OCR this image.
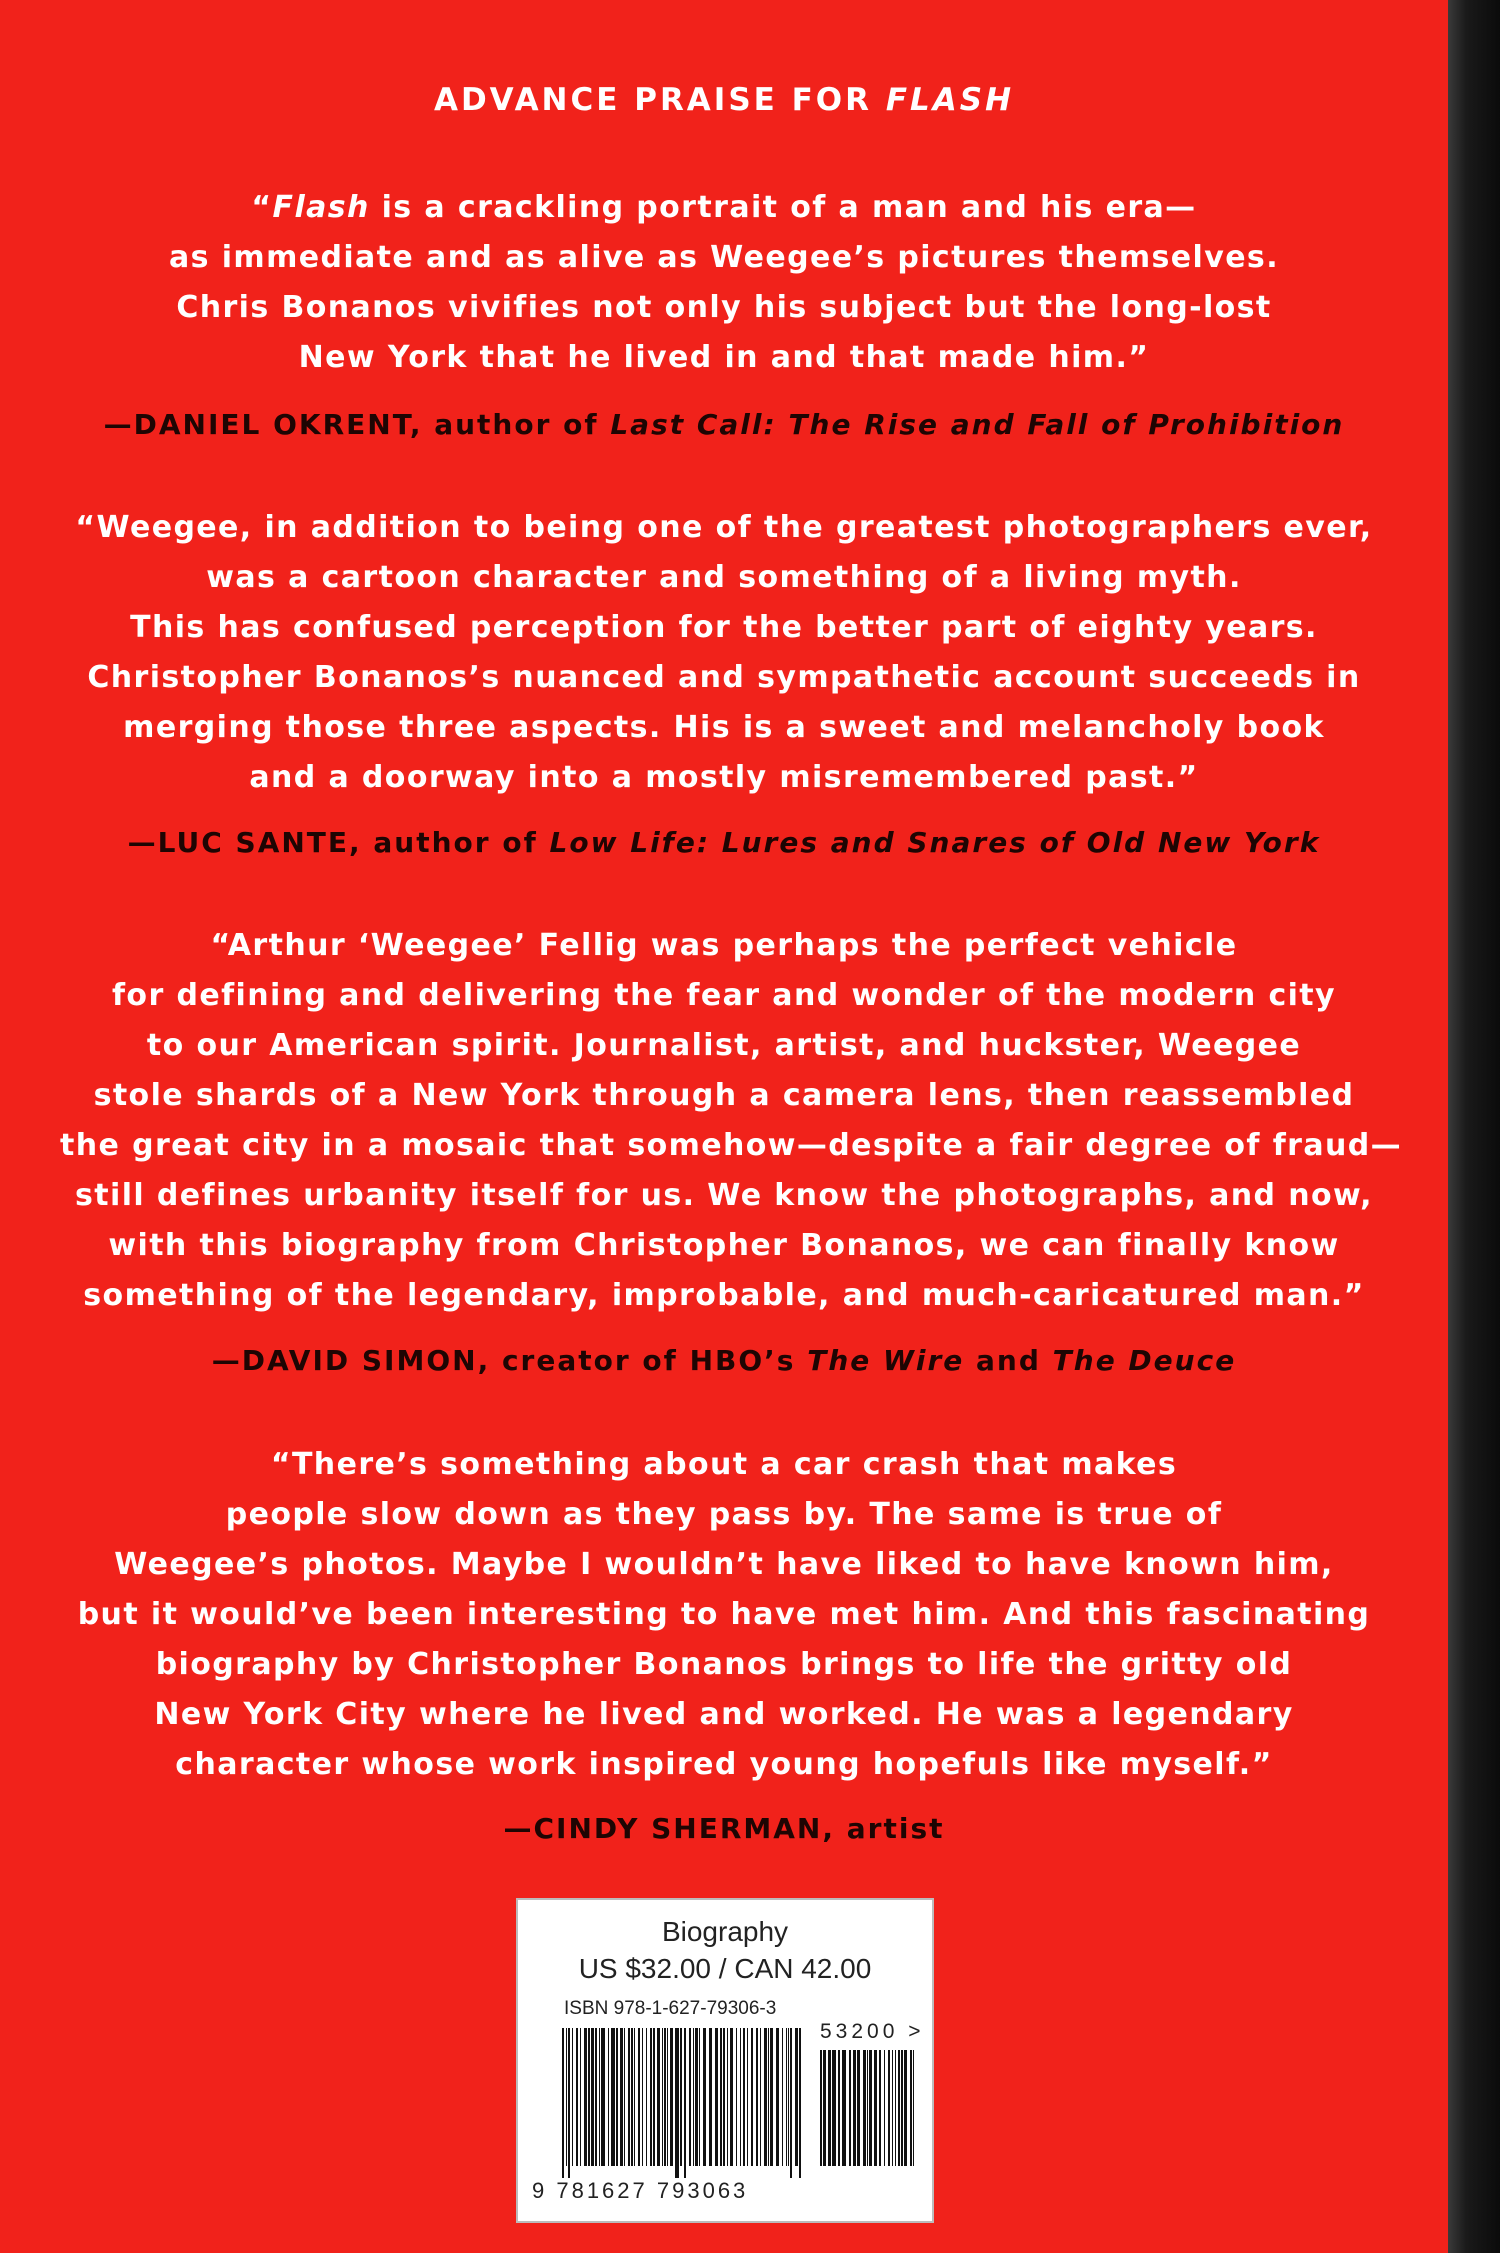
ADVANCE PRAISE FOR FLASH
“Flash is a crackling portrait of a man and his era—
as immediate and as alive as Weegee’s pictures themselves.
Chris Bonanos vivifies not only his subject but the long-lost
New York that he lived in and that made him.”
—DANIEL OKRENT, author of Last Call: The Rise and Fall of Prohibition
“Weegee, in addition to being one of the greatest photographers ever,
was a cartoon character and something of a living myth.
This has confused perception for the better part of eighty years.
Christopher Bonanos’s nuanced and sympathetic account succeeds in
merging those three aspects. His is a sweet and melancholy book
and a doorway into a mostly misremembered past.”
—LUC SANTE, author of Low Life: Lures and Snares of Old New York
“Arthur ‘Weegee’ Fellig was perhaps the perfect vehicle
for defining and delivering the fear and wonder of the modern city
to our American spirit. Journalist, artist, and huckster, Weegee
stole shards of a New York through a camera lens, then reassembled
the great city in a mosaic that somehow—despite a fair degree of fraud—
still defines urbanity itself for us. We know the photographs, and now,
with this biography from Christopher Bonanos, we can finally know
something of the legendary, improbable, and much-caricatured man.”
—DAVID SIMON, creator of HBO’s The Wire and The Deuce
“There’s something about a car crash that makes
people slow down as they pass by. The same is true of
Weegee’s photos. Maybe I wouldn’t have liked to have known him,
but it would’ve been interesting to have met him. And this fascinating
biography by Christopher Bonanos brings to life the gritty old
New York City where he lived and worked. He was a legendary
character whose work inspired young hopefuls like myself.”
—CINDY SHERMAN, artist
Biography
US $32.00 / CAN 42.00
ISBN 978-1-627-79306-3
53200 >
9 781627 793063
